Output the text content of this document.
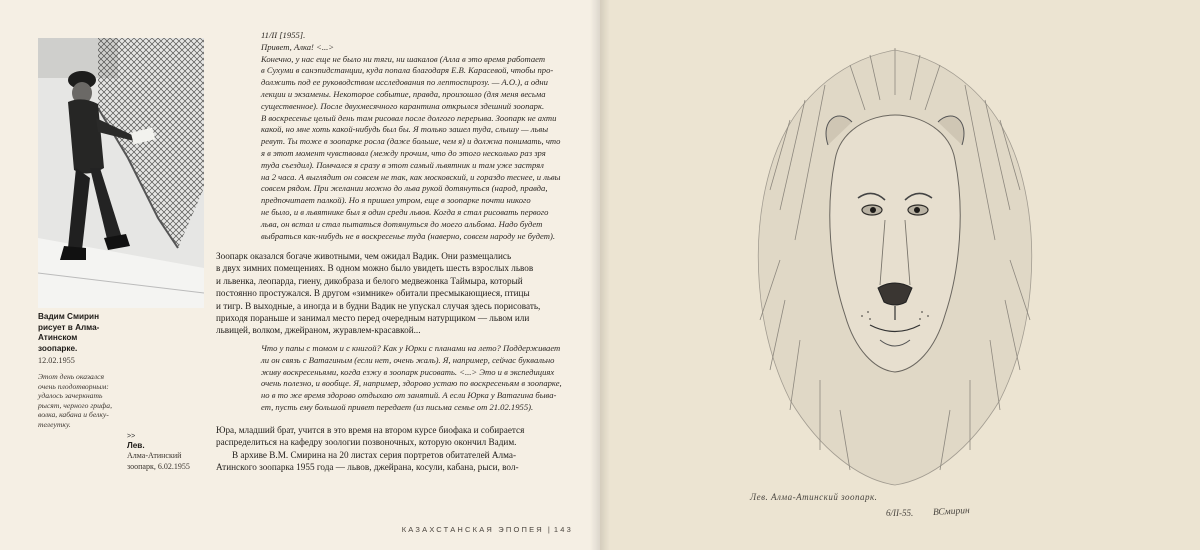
Вадим Смирин рисует в Алма-Атинском зоопарке.
12.02.1955
Этот день оказался очень плодотворным: удалось зачеркнать рысят, черного грифа, волка, кабана и белку-телеутку.
>>
Лев.
Алма-Атинский зоопарк, 6.02.1955

11/II [1955].

Привет, Алка! <...>

Конечно, у нас еще не было ни тяги, ни шакалов (Алла в это время работает

в Сухуми в санэпидстанции, куда попала благодаря Е.В. Карасевой, чтобы про-

должить под ее руководством исследования по лептоспирозу. — А.О.), а одни

лекции и экзамены. Некоторое событие, правда, произошло (для меня весьма

существенное). После двухмесячного карантина открылся здешний зоопарк.

В воскресенье целый день там рисовал после долгого перерыва. Зоопарк не ахти

какой, но мне хоть какой-нибудь был бы. Я только зашел туда, слышу — львы

ревут. Ты тоже в зоопарке росла (даже больше, чем я) и должна понимать, что

я в этот момент чувствовал (между прочим, что до этого несколько раз зря

туда съездил). Помчался я сразу в этот самый львятник и там уже застрял

на 2 часа. А выглядит он совсем не так, как московский, и гораздо теснее, и львы

совсем рядом. При желании можно до льва рукой дотянуться (народ, правда,

предпочитает палкой). Но я пришел утром, еще в зоопарке почти никого

не было, и в львятнике был я один среди львов. Когда я стал рисовать первого

льва, он встал и стал пытаться дотянуться до моего альбома. Надо будет

выбраться как-нибудь не в воскресенье туда (наверно, совсем народу не будет).

Зоопарк оказался богаче животными, чем ожидал Вадик. Они размещались

в двух зимних помещениях. В одном можно было увидеть шесть взрослых львов

и львенка, леопарда, гиену, дикобраза и белого медвежонка Таймыра, который

постоянно простужался. В другом «зимнике» обитали пресмыкающиеся, птицы

и тигр. В выходные, а иногда и в будни Вадик не упускал случая здесь порисовать,

приходя пораньше и занимал место перед очередным натурщиком — львом или

львицей, волком, джейраном, журавлем-красавкой...

Что у папы с томом и с книгой? Как у Юрки с планами на лето? Поддерживает

ли он связь с Ватагиным (если нет, очень жаль). Я, например, сейчас буквально

живу воскресеньями, когда езжу в зоопарк рисовать. <...> Это и в экспедициях

очень полезно, и вообще. Я, например, здорово устаю по воскресеньям в зоопарке,

но в то же время здорово отдыхаю от занятий. А если Юрка у Ватагина быва-

ет, пусть ему большой привет передает (из письма семье от 21.02.1955).

Юра, младший брат, учится в это время на втором курсе биофака и собирается

распределиться на кафедру зоологии позвоночных, которую окончил Вадим.

В архиве В.М. Смирина на 20 листах серия портретов обитателей Алма-

Атинского зоопарка 1955 года — львов, джейрана, косули, кабана, рыси, вол-

КАЗАХСТАНСКАЯ ЭПОПЕЯ | 143
Лев. Алма-Атинский зоопарк.
6/II-55. ВСмирин
